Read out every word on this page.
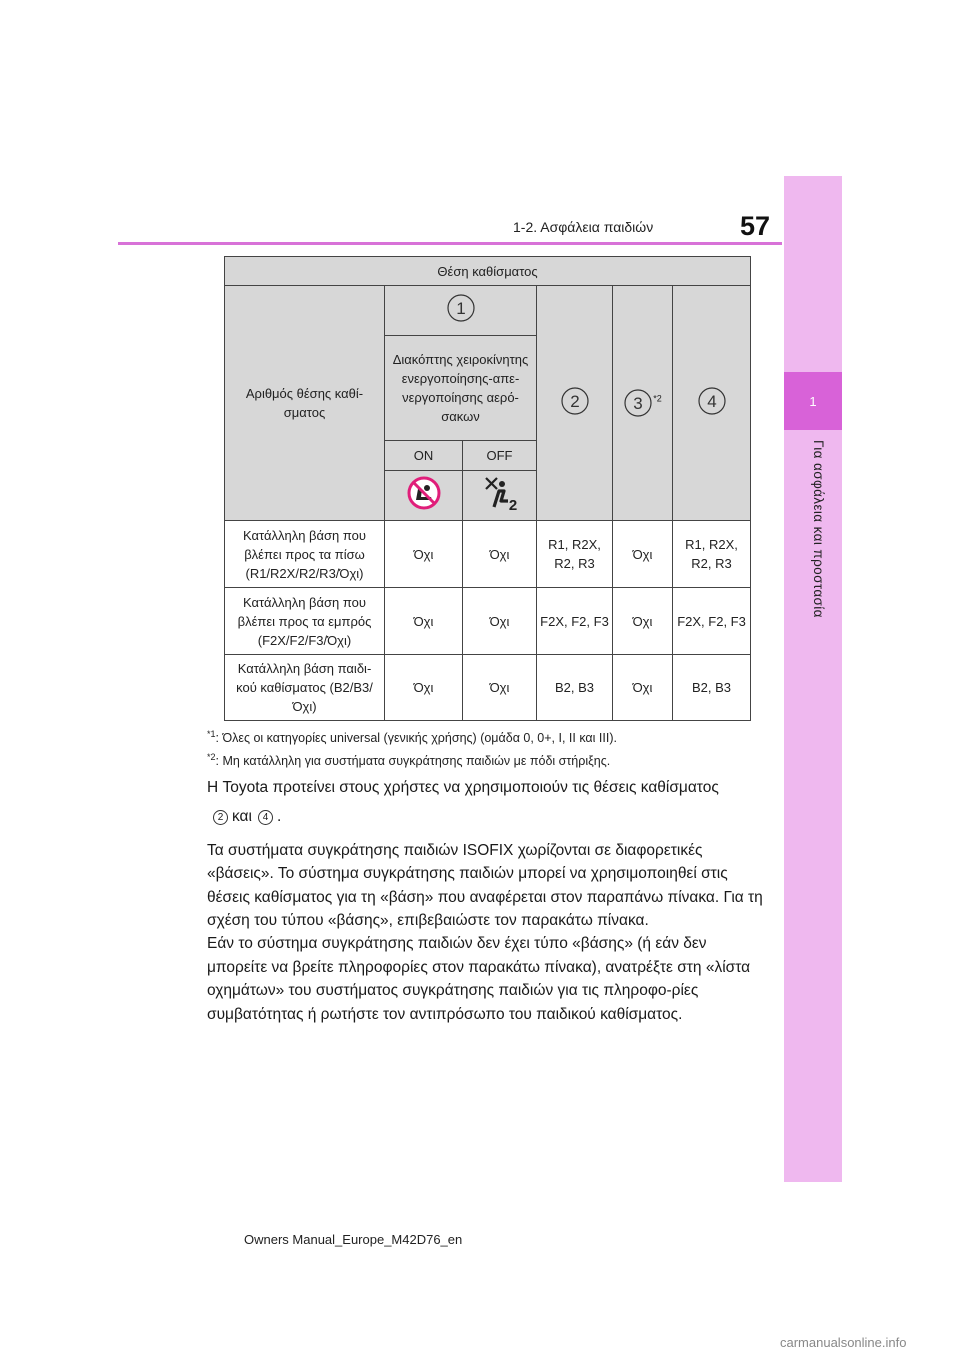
1
Για ασφάλεια και προστασία
1-2. Ασφάλεια παιδιών	57
Θέση καθίσματος					
Αριθμός θέσης καθί-σματος	1		2	3 $^{*2}$	4

	Διακόπτης χειροκίνητης ενεργοποίησης-απε-νεργοποίησης αερό-σακων				
	ON	OFF			

2			

Κατάλληλη βάση που βλέπει προς τα πίσω (R1/R2X/R2/R3/Όχι)	Όχι	Όχι	R1, R2X, R2, R3	Όχι	R1, R2X, R2, R3
Κατάλληλη βάση που βλέπει προς τα εμπρός (F2X/F2/F3/Όχι)	Όχι	Όχι	F2X, F2, F3	Όχι	F2X, F2, F3
Κατάλληλη βάση παιδι-κού καθίσματος (B2/B3/Όχι)	Όχι	Όχι	B2, B3	Όχι	B2, B3
$^{*1}$: Όλες οι κατηγορίες universal (γενικής χρήσης) (ομάδα 0, 0+, I, II και III).
$^{*2}$: Μη κατάλληλη για συστήματα συγκράτησης παιδιών με πόδι στήριξης.

Η Toyota προτείνει στους χρήστες να χρησιμοποιούν τις θέσεις καθίσματος

2 και 4 .

Τα συστήματα συγκράτησης παιδιών ISOFIX χωρίζονται σε διαφορετικές «βάσεις». Το σύστημα συγκράτησης παιδιών μπορεί να χρησιμοποιηθεί στις θέσεις καθίσματος για τη «βάση» που αναφέρεται στον παραπάνω πίνακα. Για τη σχέση του τύπου «βάσης», επιβεβαιώστε τον παρακάτω πίνακα.

Εάν το σύστημα συγκράτησης παιδιών δεν έχει τύπο «βάσης» (ή εάν δεν μπορείτε να βρείτε πληροφορίες στον παρακάτω πίνακα), ανατρέξτε στη «λίστα οχημάτων» του συστήματος συγκράτησης παιδιών για τις πληροφο-ρίες συμβατότητας ή ρωτήστε τον αντιπρόσωπο του παιδικού καθίσματος.

Owners Manual_Europe_M42D76_en
carmanualsonline.info
